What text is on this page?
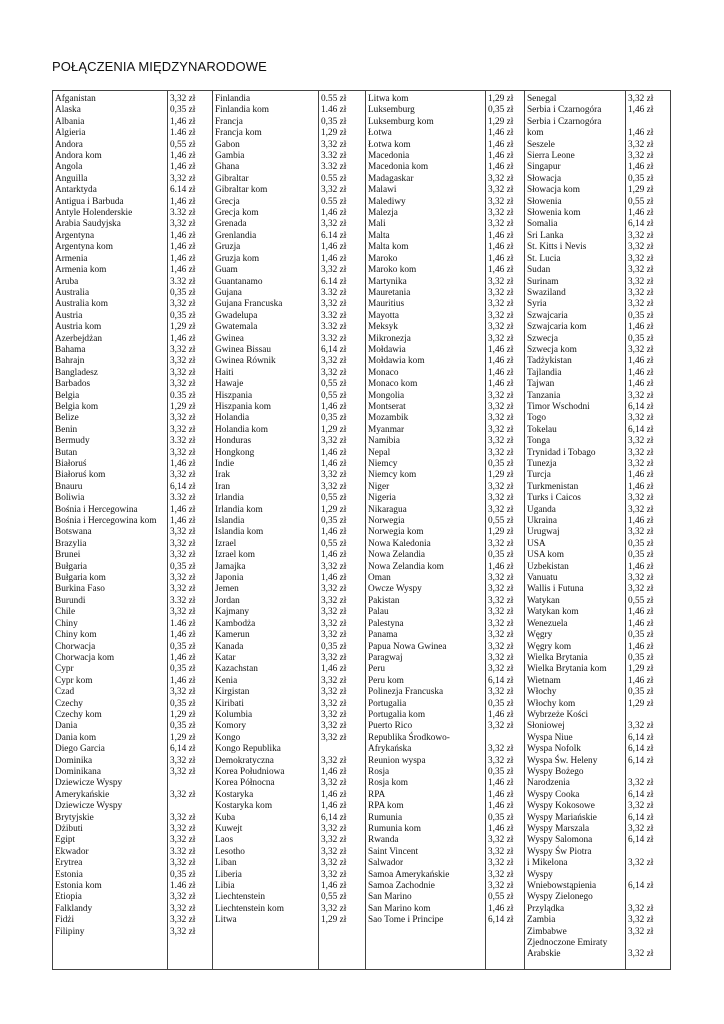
POŁĄCZENIA MIĘDZYNARODOWE
Afganistan	3,32 zł
Alaska	0,35 zł
Albania	1,46 zł
Algieria	1.46 zł
Andora	0,55 zł
Andora kom	1,46 zł
Angola	1,46 zł
Anguilla	3,32 zł
Antarktyda	6.14 zł
Antigua i Barbuda	1,46 zł
Antyle Holenderskie	3.32 zł
Arabia Saudyjska	3,32 zł
Argentyna	1,46 zł
Argentyna kom	1,46 zł
Armenia	1,46 zł
Armenia kom	1,46 zł
Aruba	3.32 zł
Australia	0,35 zł
Australia kom	3,32 zł
Austria	0,35 zł
Austria kom	1,29 zł
Azerbejdżan	1,46 zł
Bahama	3,32 zł
Bahrajn	3,32 zł
Bangladesz	3,32 zł
Barbados	3,32 zł
Belgia	0.35 zł
Belgia kom	1,29 zł
Belize	3,32 zł
Benin	3,32 zł
Bermudy	3.32 zł
Butan	3,32 zł
Białoruś	1,46 zł
Białoruś kom	3,32 zł
Bnauru	6,14 zł
Boliwia	3.32 zł
Bośnia i Hercegowina	1,46 zł
Bośnia i Hercegowina kom 1,46 zł
Botswana	3,32 zł
Brazylia	3,32 zł
Brunei	3,32 zł
Bułgaria	0,35 zł
Bułgaria kom	3,32 zł
Burkina Faso	3,32 zł
Burundi	3.32 zł
Chile	3,32 zł
Chiny	1.46 zł
Chiny kom	1,46 zł
Chorwacja	0,35 zł
Chorwacja kom	1,46 zł
Cypr	0,35 zł
Cypr kom	1,46 zł
Czad	3,32 zł
Czechy	0,35 zł
Czechy kom	1,29 zł
Dania	0,35 zł
Dania kom	1,29 zł
Diego Garcia	6,14 zł
Dominika	3,32 zł
Dominikana	3,32 zł
Dziewicze Wyspy
Amerykańskie	3,32 zł
Dziewicze Wyspy
Brytyjskie	3,32 zł
Dżibuti	3,32 zł
Egipt	3,32 zł
Ekwador	3.32 zł
Erytrea	3,32 zł
Estonia	0,35 zł
Estonia kom	1.46 zł
Etiopia	3,32 zł
Falklandy	3,32 zł
Fidżi	3,32 zł
Filipiny	3,32 zł
Finlandia	0.55 zł
Finlandia kom	1.46 zł
Francja	0,35 zł
Francja kom	1,29 zł
Gabon	3,32 zł
Gambia	3.32 zł
Ghana	3.32 zł
Gibraltar	0.55 zł
Gibraltar kom	3,32 zł
Grecja	0.55 zł
Grecja kom	1,46 zł
Grenada	3,32 zł
Grenlandia	6.14 zł
Gruzja	1,46 zł
Gruzja kom	1,46 zł
Guam	3,32 zł
Guantanamo	6.14 zł
Gujana	3.32 zł
Gujana Francuska	3,32 zł
Gwadelupa	3.32 zł
Gwatemala	3.32 zł
Gwinea	3.32 zł
Gwinea Bissau	6,14 zł
Gwinea Równik	3,32 zł
Haiti	3,32 zł
Hawaje	0,55 zł
Hiszpania	0,55 zł
Hiszpania kom	1,46 zł
Holandia	0,35 zł
Holandia kom	1,29 zł
Honduras	3,32 zł
Hongkong	1,46 zł
Indie	1,46 zł
Irak	3,32 zł
Iran	3,32 zł
Irlandia	0,55 zł
Irlandia kom	1,29 zł
Islandia	0,35 zł
Islandia kom	1,46 zł
Izrael	0,55 zł
Izrael kom	1,46 zł
Jamajka	3,32 zł
Japonia	1,46 zł
Jemen	3,32 zł
Jordan	3,32 zł
Kajmany	3,32 zł
Kambodża	3,32 zł
Kamerun	3,32 zł
Kanada	0,35 zł
Katar	3,32 zł
Kazachstan	1,46 zł
Kenia	3,32 zł
Kirgistan	3,32 zł
Kiribati	3,32 zł
Kolumbia	3,32 zł
Komory	3,32 zł
Kongo	3,32 zł
Kongo Republika
Demokratyczna	3,32 zł
Korea Południowa	1,46 zł
Korea Północna	3,32 zł
Kostaryka	1,46 zł
Kostaryka kom	1,46 zł
Kuba	6,14 zł
Kuwejt	3,32 zł
Laos	3,32 zł
Lesotho	3,32 zł
Liban	3,32 zł
Liberia	3,32 zł
Libia	1,46 zł
Liechtenstein	0,55 zł
Liechtenstein kom	3,32 zł
Litwa	1,29 zł
Litwa kom	1,29 zł
Luksemburg	0,35 zł
Luksemburg kom	1,29 zł
Łotwa	1,46 zł
Łotwa kom	1,46 zł
Macedonia	1,46 zł
Macedonia kom	1,46 zł
Madagaskar	3,32 zł
Malawi	3,32 zł
Malediwy	3,32 zł
Malezja	3,32 zł
Mali	3,32 zł
Malta	1,46 zł
Malta kom	1,46 zł
Maroko	1,46 zł
Maroko kom	1,46 zł
Martynika	3,32 zł
Mauretania	3,32 zł
Mauritius	3,32 zł
Mayotta	3,32 zł
Meksyk	3,32 zł
Mikronezja	3,32 zł
Mołdawia	1,46 zł
Mołdawia kom	1,46 zł
Monaco	1,46 zł
Monaco kom	1,46 zł
Mongolia	3,32 zł
Montserat	3,32 zł
Mozambik	3,32 zł
Myanmar	3,32 zł
Namibia	3,32 zł
Nepal	3,32 zł
Niemcy	0,35 zł
Niemcy kom	1,29 zł
Niger	3,32 zł
Nigeria	3,32 zł
Nikaragua	3,32 zł
Norwegia	0,55 zł
Norwegia kom	1,29 zł
Nowa Kaledonia	3,32 zł
Nowa Zelandia	0,35 zł
Nowa Zelandia kom	1,46 zł
Oman	3,32 zł
Owcze Wyspy	3,32 zł
Pakistan	3,32 zł
Palau	3,32 zł
Palestyna	3,32 zł
Panama	3,32 zł
Papua Nowa Gwinea	3,32 zł
Paragwaj	3,32 zł
Peru	3,32 zł
Peru kom	6,14 zł
Polinezja Francuska	3,32 zł
Portugalia	0,35 zł
Portugalia kom	1,46 zł
Puerto Rico	3,32 zł
Republika Środkowo-
Afrykańska	3,32 zł
Reunion wyspa	3,32 zł
Rosja	0,35 zł
Rosja kom	1,46 zł
RPA	1,46 zł
RPA kom	1,46 zł
Rumunia	0,35 zł
Rumunia kom	1,46 zł
Rwanda	3,32 zł
Saint Vincent	3,32 zł
Salwador	3,32 zł
Samoa Amerykańskie	3,32 zł
Samoa Zachodnie	3,32 zł
San Marino	0,55 zł
San Marino kom	1,46 zł
Sao Tome i Principe	6,14 zł
Senegal	3,32 zł
Serbia i Czarnogóra	1,46 zł
Serbia i Czarnogóra
kom	1,46 zł
Seszele	3,32 zł
Sierra Leone	3,32 zł
Singapur	1,46 zł
Słowacja	0,35 zł
Słowacja kom	1,29 zł
Słowenia	0,55 zł
Słowenia kom	1,46 zł
Somalia	6,14 zł
Sri Lanka	3,32 zł
St. Kitts i Nevis	3,32 zł
St. Lucia	3,32 zł
Sudan	3,32 zł
Surinam	3,32 zł
Swaziland	3,32 zł
Syria	3,32 zł
Szwajcaria	0,35 zł
Szwajcaria kom	1,46 zł
Szwecja	0,35 zł
Szwecja kom	3,32 zł
Tadżykistan	1,46 zł
Tajlandia	1,46 zł
Tajwan	1,46 zł
Tanzania	3,32 zł
Timor Wschodni	6,14 zł
Togo	3,32 zł
Tokelau	6,14 zł
Tonga	3,32 zł
Trynidad i Tobago	3,32 zł
Tunezja	3,32 zł
Turcja	1,46 zł
Turkmenistan	1,46 zł
Turks i Caicos	3,32 zł
Uganda	3,32 zł
Ukraina	1,46 zł
Urugwaj	3,32 zł
USA	0,35 zł
USA kom	0,35 zł
Uzbekistan	1,46 zł
Vanuatu	3,32 zł
Wallis i Futuna	3,32 zł
Watykan	0,55 zł
Watykan kom	1,46 zł
Wenezuela	1,46 zł
Węgry	0,35 zł
Węgry kom	1,46 zł
Wielka Brytania	0,35 zł
Wielka Brytania kom 1,29 zł
Wietnam	1,46 zł
Włochy	0,35 zł
Włochy kom	1,29 zł
Wybrzeże Kości
Słoniowej	3,32 zł
Wyspa Niue	6,14 zł
Wyspa Nofolk	6,14 zł
Wyspa Św. Heleny	6,14 zł
Wyspy Bożego
Narodzenia	3,32 zł
Wyspy Cooka	6,14 zł
Wyspy Kokosowe	3,32 zł
Wyspy Mariańskie	6,14 zł
Wyspy Marszala	3,32 zł
Wyspy Salomona	6,14 zł
Wyspy Św Piotra
i Mikelona	3,32 zł
Wyspy
Wniebowstąpienia	6,14 zł
Wyspy Zielonego
Przylądka	3,32 zł
Zambia	3,32 zł
Zimbabwe	3,32 zł
Zjednoczone Emiraty
Arabskie	3,32 zł
